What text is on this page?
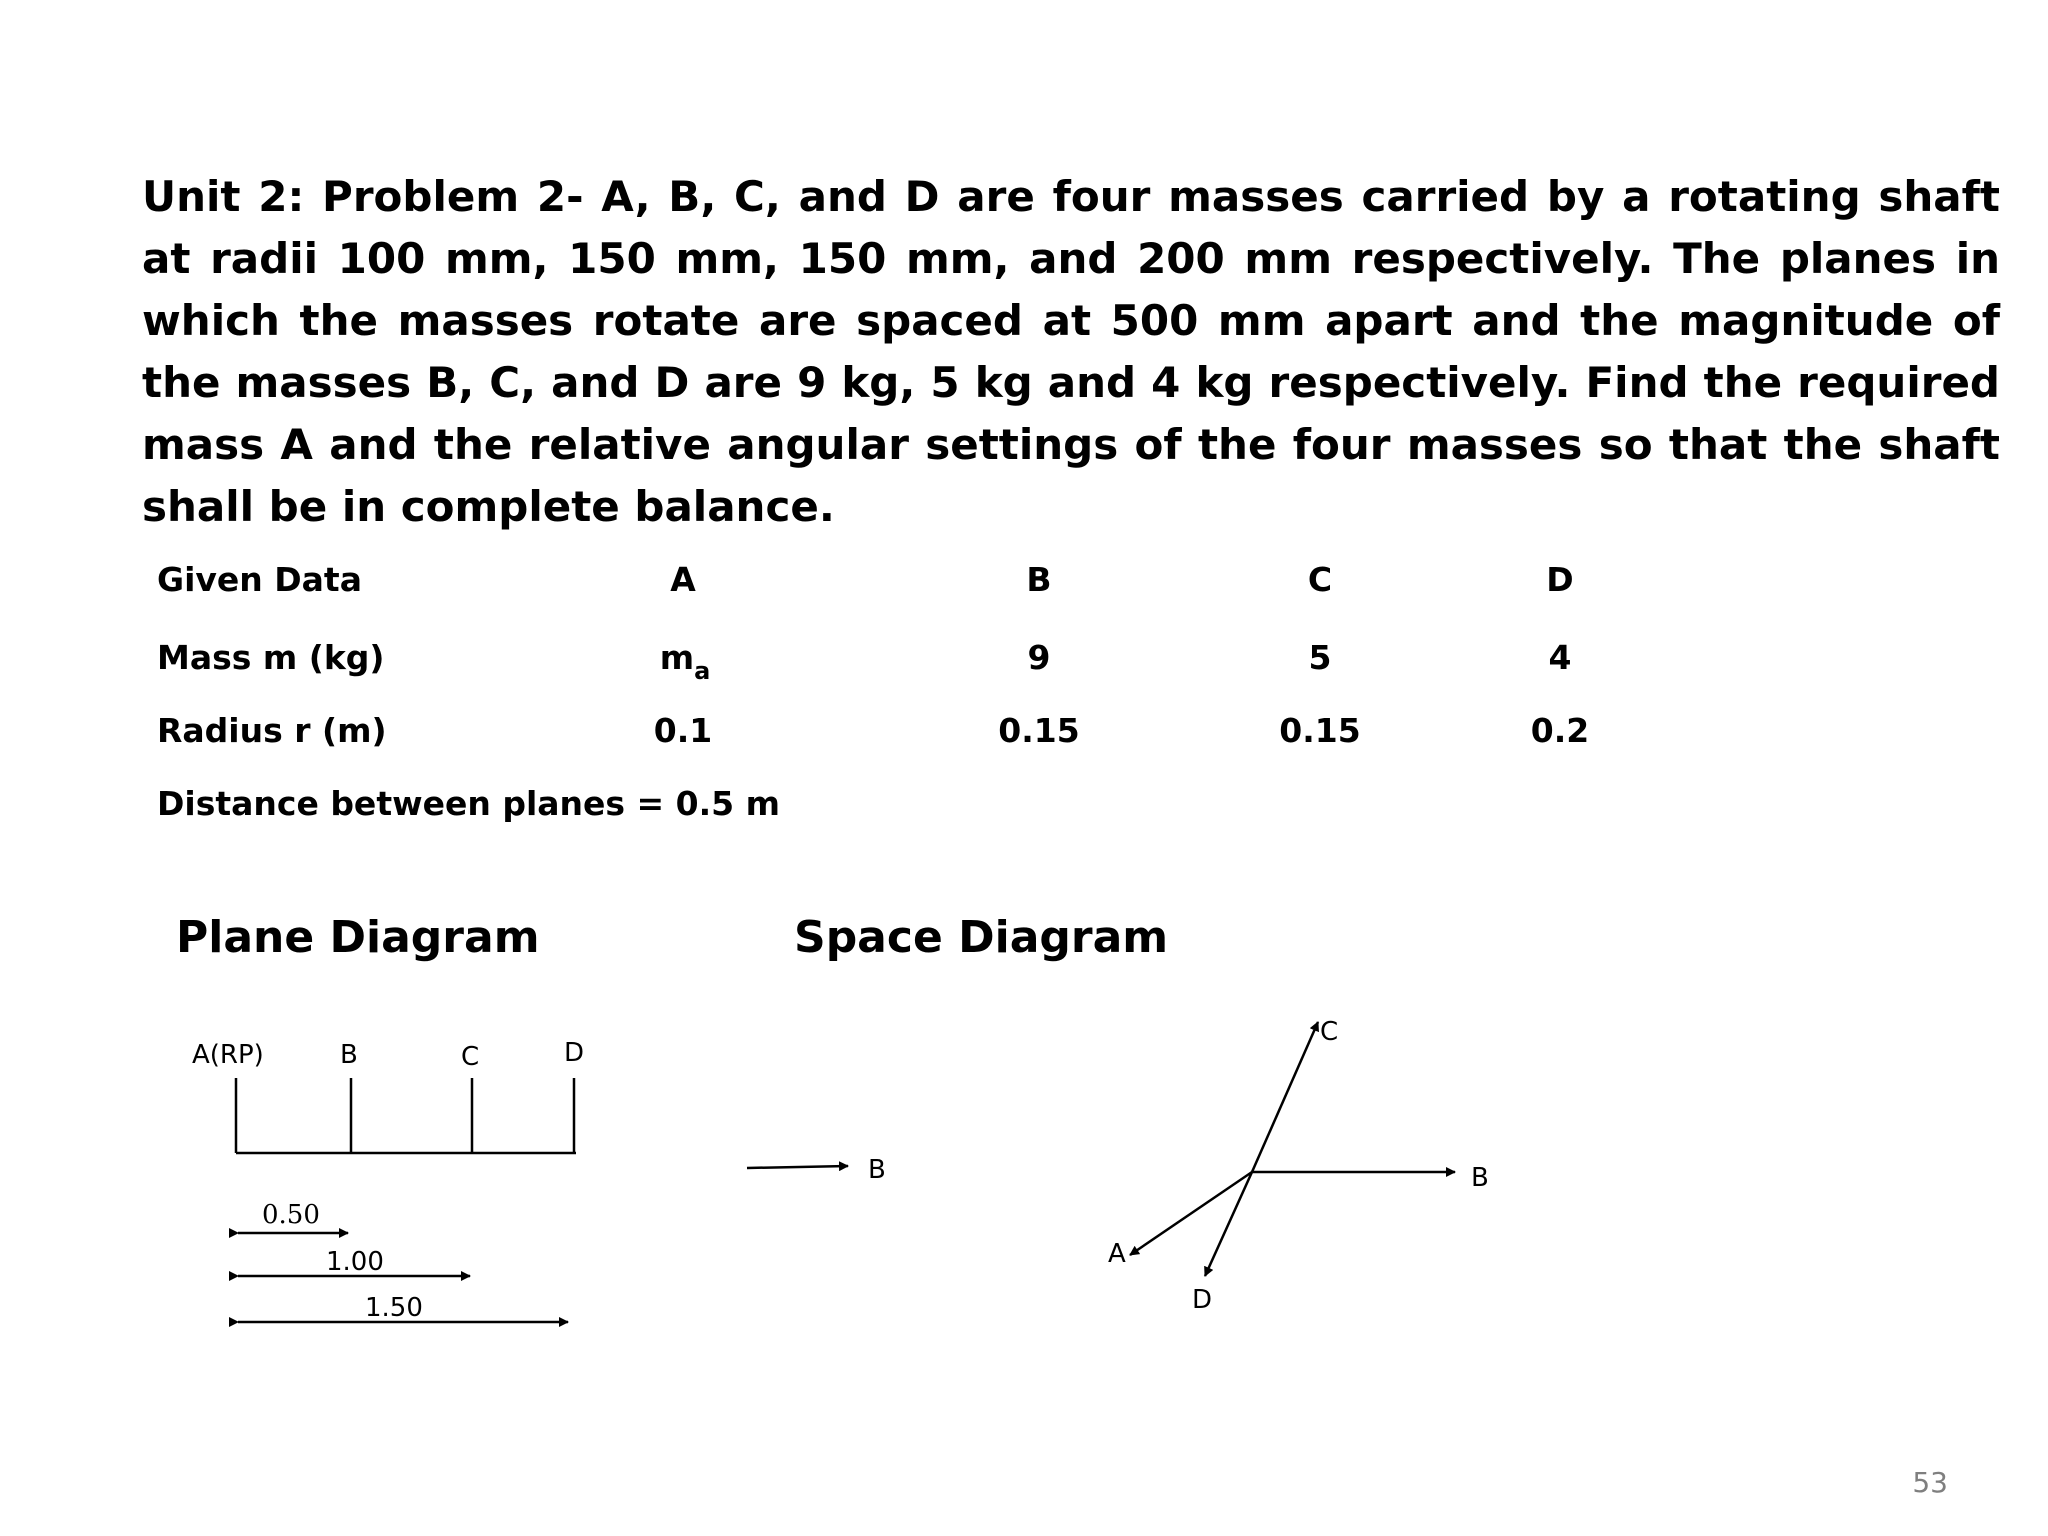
Unit 2: Problem 2- A, B, C, and D are four masses carried by a rotating shaft at radii 100 mm, 150 mm, 150 mm, and 200 mm respectively. The planes in which the masses rotate are spaced at 500 mm apart and the magnitude of the masses B, C, and D are 9 kg, 5 kg and 4 kg respectively. Find the required mass A and the relative angular settings of the four masses so that the shaft shall be in complete balance.
Given Data	A	B	C	D
Mass m (kg)	$m_a$	9	5	4
Radius r (m)	0.1	0.15	0.15	0.2
Distance between planes = 0.5 m
Plane Diagram	Space Diagram
A(RP)	B	C	D
0.50
1.00
1.50
B
C
B
A
D
53
